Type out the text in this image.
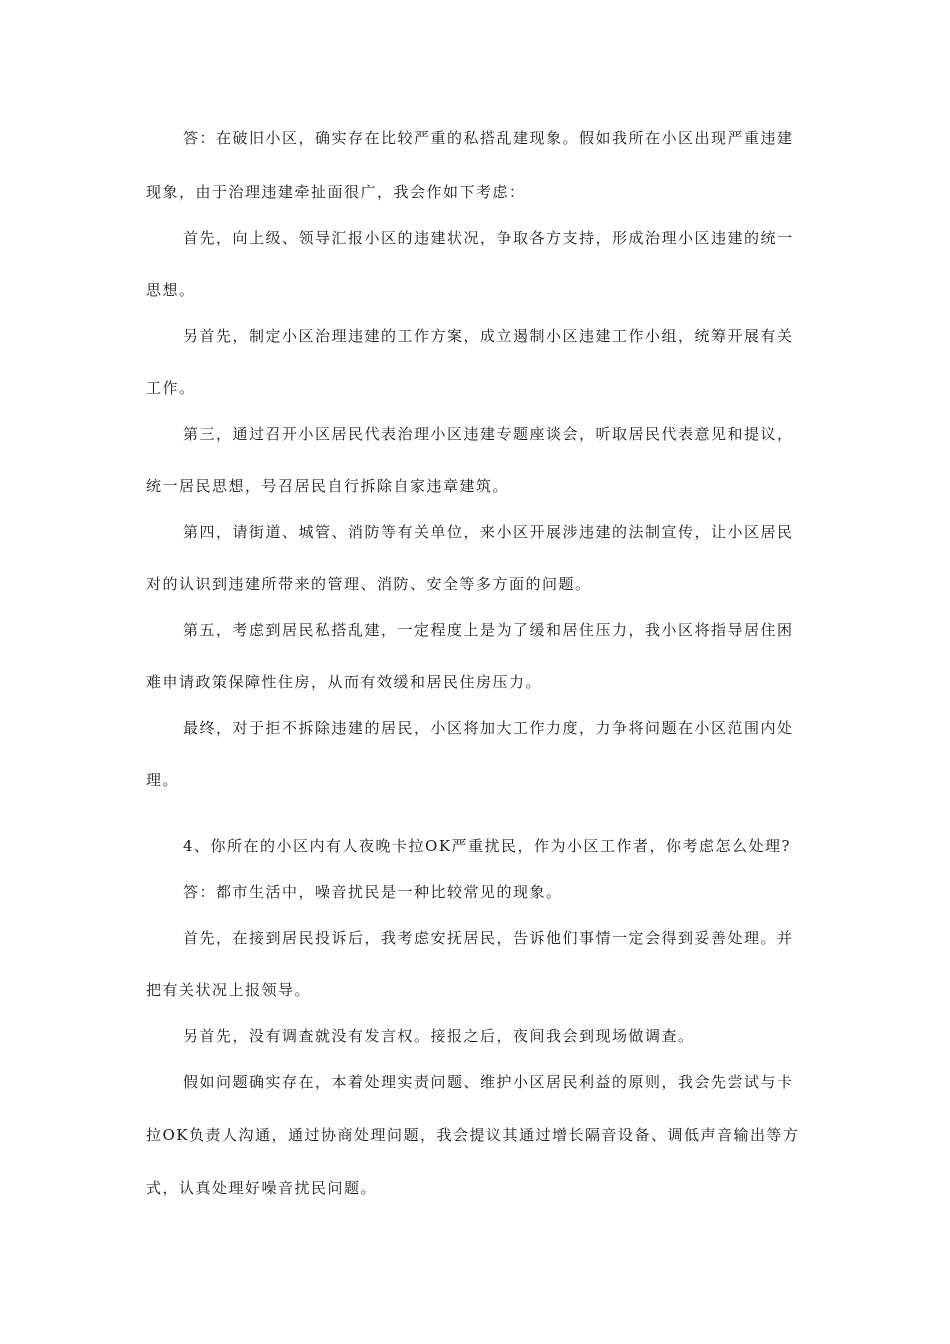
答：在破旧小区，确实存在比较严重的私搭乱建现象。假如我所在小区出现严重违建
现象，由于治理违建牵扯面很广，我会作如下考虑：
首先，向上级、领导汇报小区的违建状况，争取各方支持，形成治理小区违建的统一
思想。
另首先，制定小区治理违建的工作方案，成立遏制小区违建工作小组，统筹开展有关
工作。
第三，通过召开小区居民代表治理小区违建专题座谈会，听取居民代表意见和提议，
统一居民思想，号召居民自行拆除自家违章建筑。
第四，请街道、城管、消防等有关单位，来小区开展涉违建的法制宣传，让小区居民
对的认识到违建所带来的管理、消防、安全等多方面的问题。
第五，考虑到居民私搭乱建，一定程度上是为了缓和居住压力，我小区将指导居住困
难申请政策保障性住房，从而有效缓和居民住房压力。
最终，对于拒不拆除违建的居民，小区将加大工作力度，力争将问题在小区范围内处
理。
4、你所在的小区内有人夜晚卡拉OK严重扰民，作为小区工作者，你考虑怎么处理?
答：都市生活中，噪音扰民是一种比较常见的现象。
首先，在接到居民投诉后，我考虑安抚居民，告诉他们事情一定会得到妥善处理。并
把有关状况上报领导。
另首先，没有调查就没有发言权。接报之后，夜间我会到现场做调查。
假如问题确实存在，本着处理实责问题、维护小区居民利益的原则，我会先尝试与卡
拉OK负责人沟通，通过协商处理问题，我会提议其通过增长隔音设备、调低声音输出等方
式，认真处理好噪音扰民问题。
